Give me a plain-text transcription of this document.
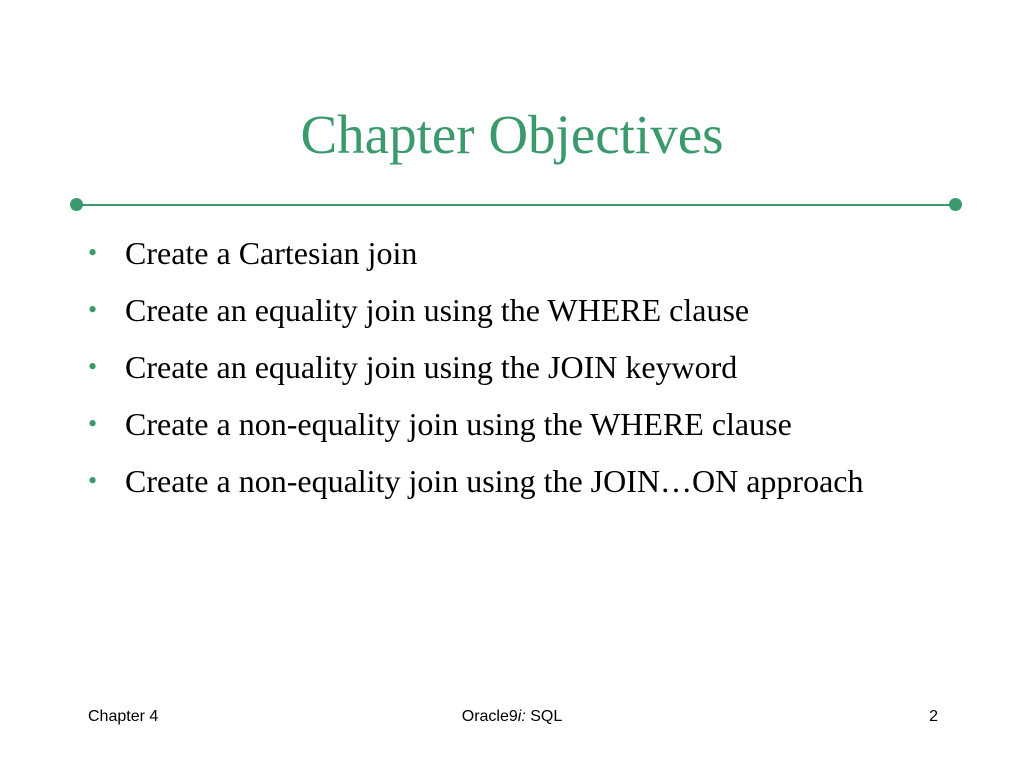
Chapter Objectives
• Create a Cartesian join
• Create an equality join using the WHERE clause
• Create an equality join using the JOIN keyword
• Create a non-equality join using the WHERE clause
• Create a non-equality join using the JOIN…ON approach
Chapter 4	Oracle9i: SQL	2
